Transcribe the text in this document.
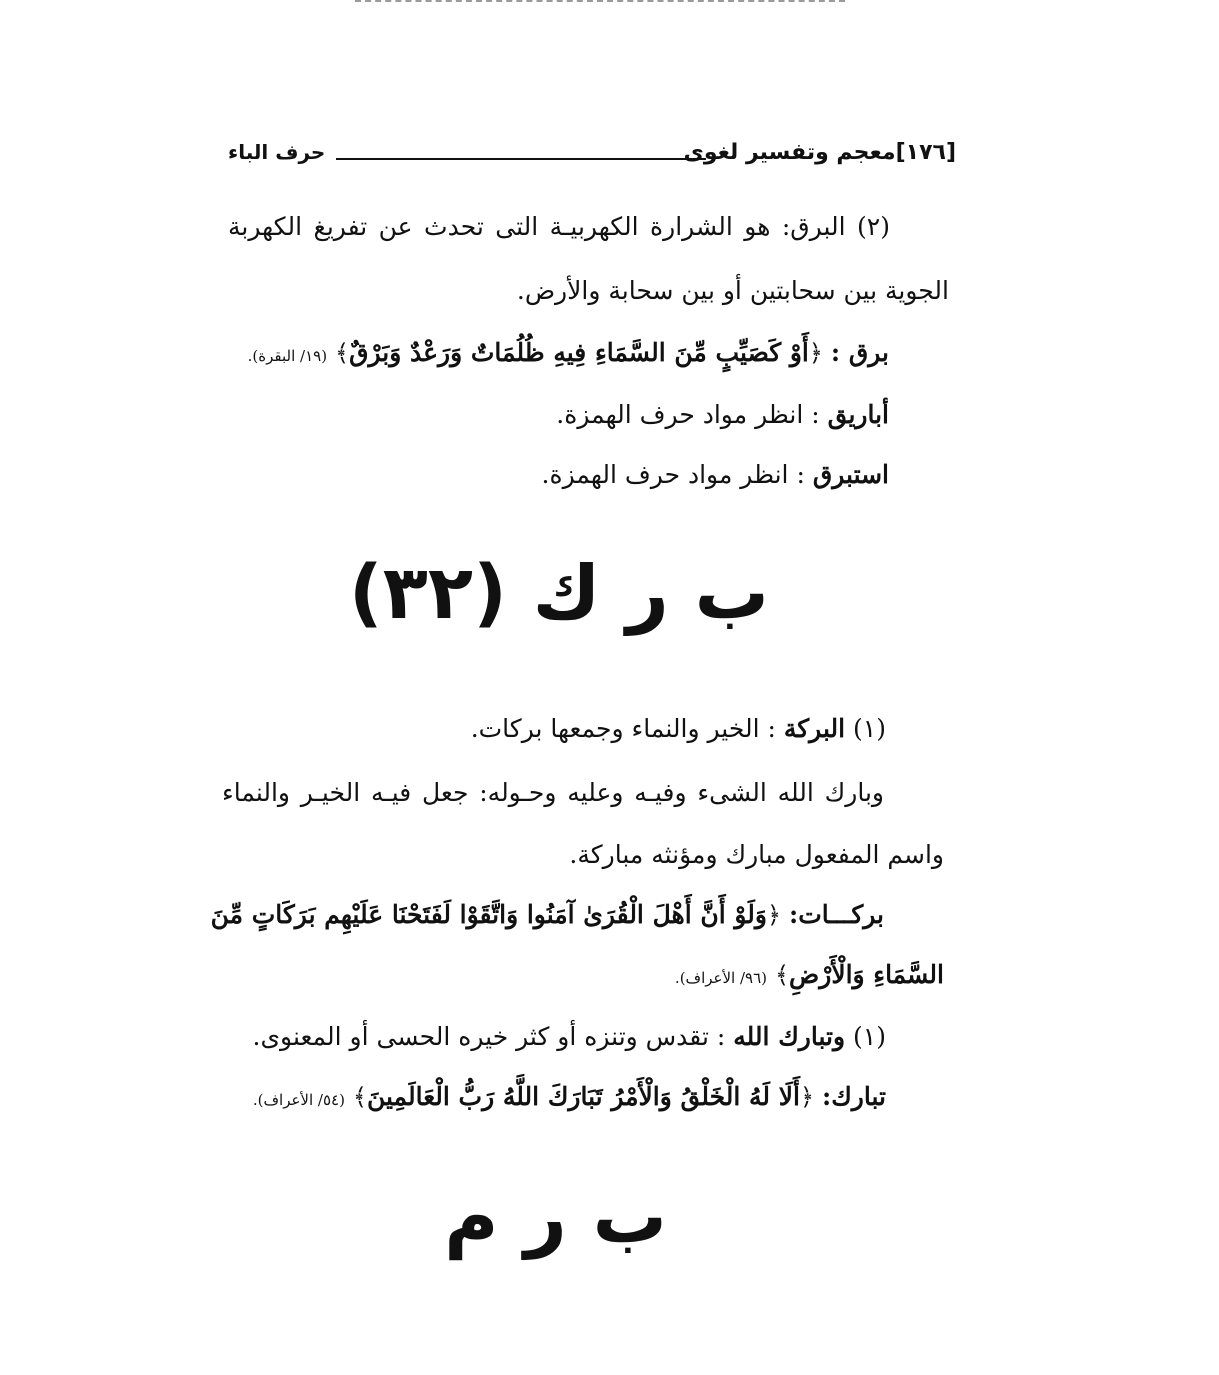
[١٧٦]معجم وتفسير لغوى
حرف الباء
(٢) البرق: هو الشرارة الكهربيـة التى تحدث عن تفريغ الكهربة
الجوية بين سحابتين أو بين سحابة والأرض.
برق : ﴿أَوْ كَصَيِّبٍ مِّنَ السَّمَاءِ فِيهِ ظُلُمَاتٌ وَرَعْدٌ وَبَرْقٌ﴾ (١٩/ البقرة).
أباريق : انظر مواد حرف الهمزة.
استبرق : انظر مواد حرف الهمزة.
ب ر ك (٣٢)
(١) البركة : الخير والنماء وجمعها بركات.
وبارك الله الشىء وفيـه وعليه وحـوله: جعل فيـه الخيـر والنماء
واسم المفعول مبارك ومؤنثه مباركة.
بركـــات: ﴿وَلَوْ أَنَّ أَهْلَ الْقُرَىٰ آمَنُوا وَاتَّقَوْا لَفَتَحْنَا عَلَيْهِم بَرَكَاتٍ مِّنَ
السَّمَاءِ وَالْأَرْضِ﴾ (٩٦/ الأعراف).
(١) وتبارك الله : تقدس وتنزه أو كثر خيره الحسى أو المعنوى.
تبارك: ﴿أَلَا لَهُ الْخَلْقُ وَالْأَمْرُ تَبَارَكَ اللَّهُ رَبُّ الْعَالَمِينَ﴾ (٥٤/ الأعراف).
ب ر م
